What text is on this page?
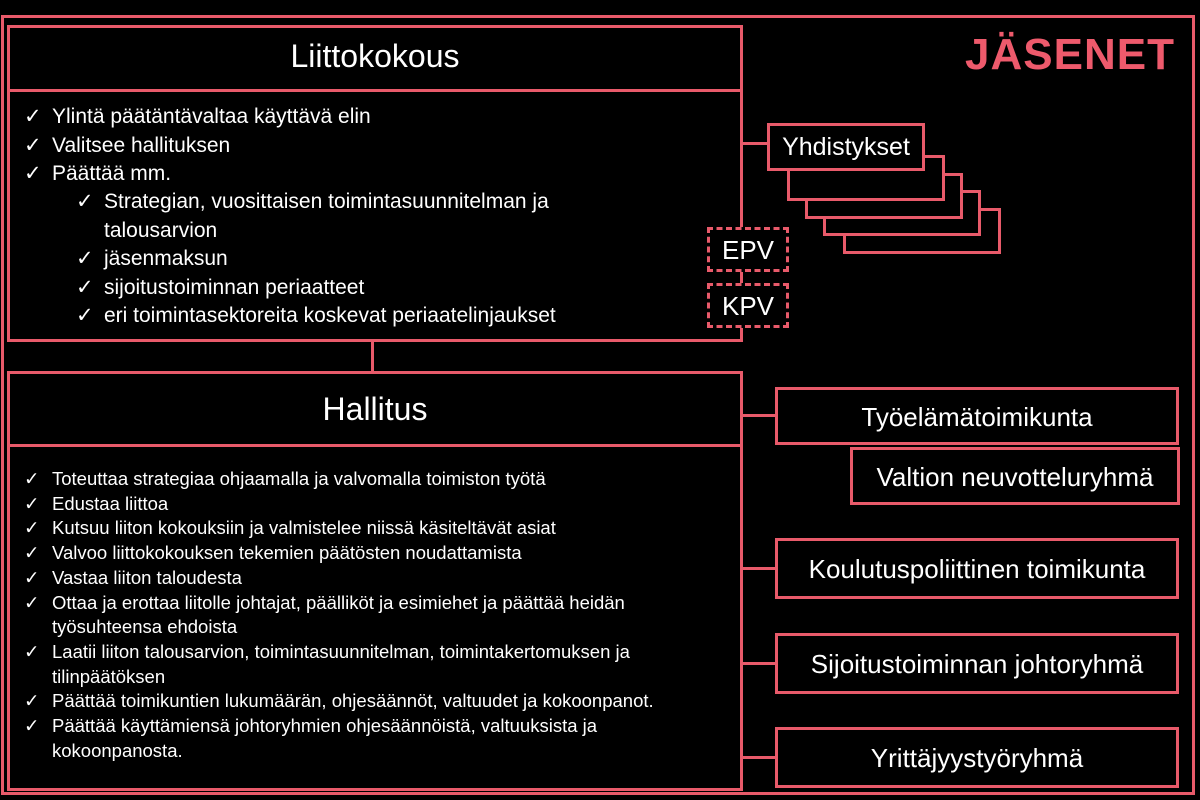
JÄSENET
Liittokokous
✓ Ylintä päätäntävaltaa käyttävä elin
✓ Valitsee hallituksen
✓ Päättää mm.
✓ Strategian, vuosittaisen toimintasuunnitelman ja talousarvion
✓ jäsenmaksun
✓ sijoitustoiminnan periaatteet
✓ eri toimintasektoreita koskevat periaatelinjaukset
EPV
KPV
Yhdistykset
Hallitus
✓ Toteuttaa strategiaa ohjaamalla ja valvomalla toimiston työtä
✓ Edustaa liittoa
✓ Kutsuu liiton kokouksiin ja valmistelee niissä käsiteltävät asiat
✓ Valvoo liittokokouksen tekemien päätösten noudattamista
✓ Vastaa liiton taloudesta
✓ Ottaa ja erottaa liitolle johtajat, päälliköt ja esimiehet ja päättää heidän työsuhteensa ehdoista
✓ Laatii liiton talousarvion, toimintasuunnitelman, toimintakertomuksen ja tilinpäätöksen
✓ Päättää toimikuntien lukumäärän, ohjesäännöt, valtuudet ja kokoonpanot.
✓ Päättää käyttämiensä johtoryhmien ohjesäännöistä, valtuuksista ja kokoonpanosta.
Työelämätoimikunta
Valtion neuvotteluryhmä
Koulutuspoliittinen toimikunta
Sijoitustoiminnan johtoryhmä
Yrittäjyystyöryhmä
